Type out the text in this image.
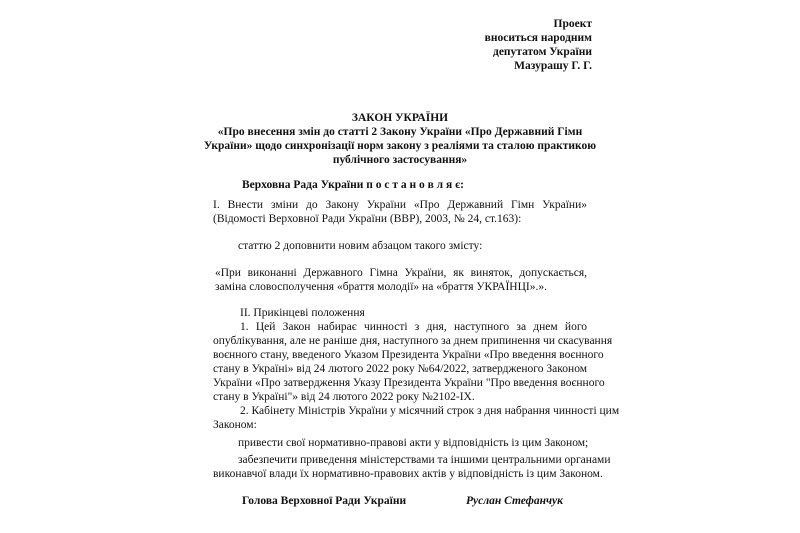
Проект
вноситься народним
депутатом України
Мазурашу Г. Г.
ЗАКОН УКРАЇНИ
«Про внесення змін до статті 2 Закону України «Про Державний Гімн
України» щодо синхронізації норм закону з реаліями та сталою практикою
публічного застосування»
Верховна Рада України п о с т а н о в л я є:
І. Внести зміни до Закону України «Про Державний Гімн України»
(Відомості Верховної Ради України (ВВР), 2003, № 24, ст.163):
статтю 2 доповнити новим абзацом такого змісту:
«При виконанні Державного Гімна України, як виняток, допускається,
заміна словосполучення «браття молодії» на «браття УКРАЇНЦІ».».
ІІ. Прикінцеві положення
1. Цей Закон набирає чинності з дня, наступного за днем його
опублікування, але не раніше дня, наступного за днем припинення чи скасування
воєнного стану, введеного Указом Президента України «Про введення воєнного
стану в Україні» від 24 лютого 2022 року №64/2022, затвердженого Законом
України «Про затвердження Указу Президента України "Про введення воєнного
стану в Україні"» від 24 лютого 2022 року №2102-IX.
2. Кабінету Міністрів України у місячний строк з дня набрання чинності цим
Законом:
привести свої нормативно-правові акти у відповідність із цим Законом;
забезпечити приведення міністерствами та іншими центральними органами
виконавчої влади їх нормативно-правових актів у відповідність із цим Законом.
Голова Верховної Ради України	Руслан Стефанчук
